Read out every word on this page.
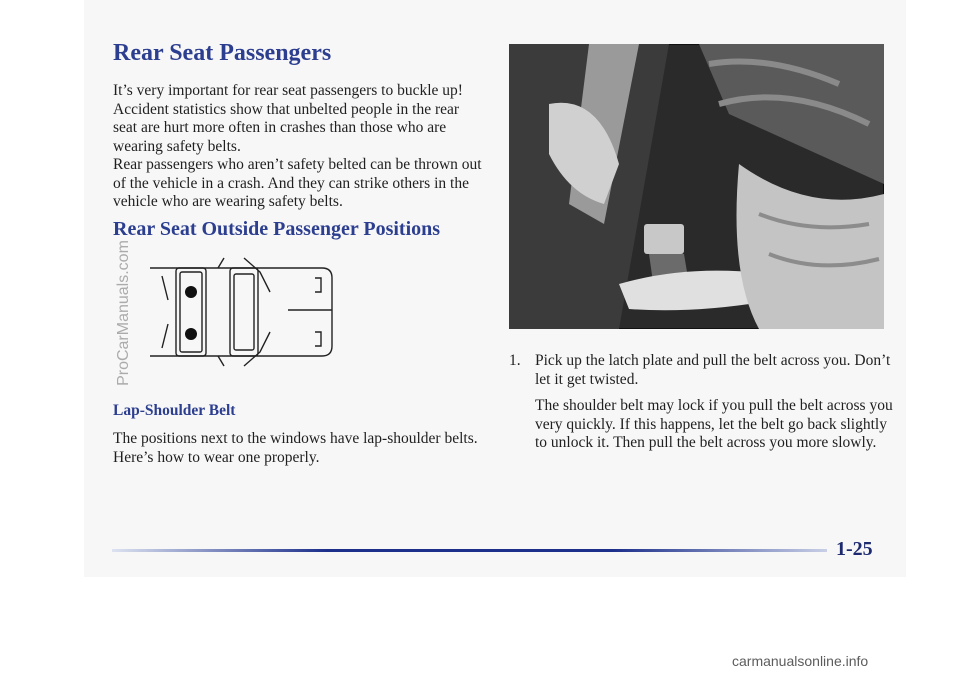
Rear Seat Passengers

It’s very important for rear seat passengers to buckle up! Accident statistics show that unbelted people in the rear seat are hurt more often in crashes than those who are wearing safety belts.

Rear passengers who aren’t safety belted can be thrown out of the vehicle in a crash. And they can strike others in the vehicle who are wearing safety belts.

Rear Seat Outside Passenger Positions
Lap-Shoulder Belt

The positions next to the windows have lap-shoulder belts. Here’s how to wear one properly.

1. Pick up the latch plate and pull the belt across you. Don’t let it get twisted.

The shoulder belt may lock if you pull the belt across you very quickly. If this happens, let the belt go back slightly to unlock it. Then pull the belt across you more slowly.

1-25
ProCarManuals.com
carmanualsonline.info
